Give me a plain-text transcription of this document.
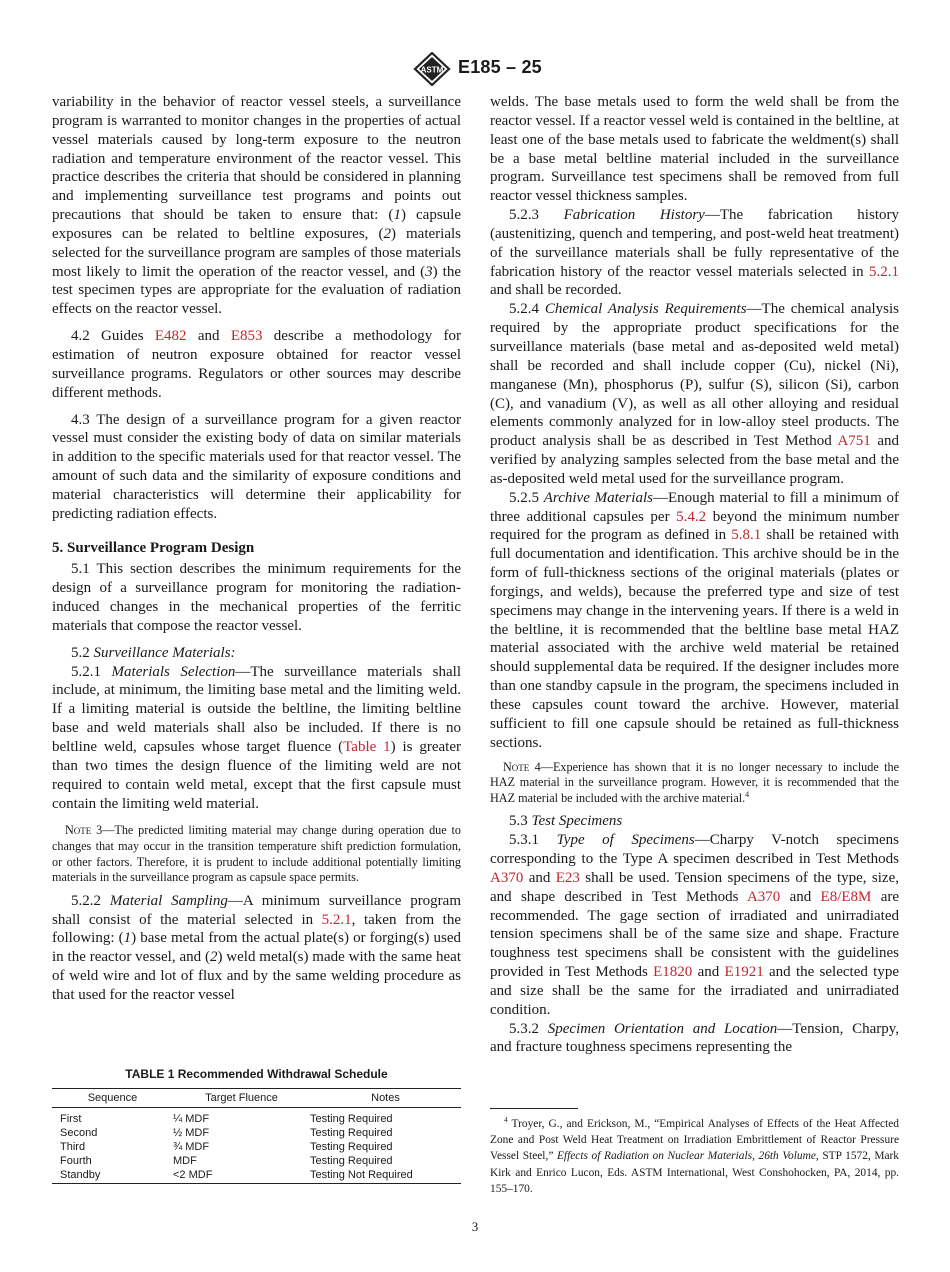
ASTM E185 – 25

variability in the behavior of reactor vessel steels, a surveillance program is warranted to monitor changes in the properties of actual vessel materials caused by long-term exposure to the neutron radiation and temperature environment of the reactor vessel. This practice describes the criteria that should be considered in planning and implementing surveillance test programs and points out precautions that should be taken to ensure that: (1) capsule exposures can be related to beltline exposures, (2) materials selected for the surveillance program are samples of those materials most likely to limit the operation of the reactor vessel, and (3) the test specimen types are appropriate for the evaluation of radiation effects on the reactor vessel.

4.2 Guides E482 and E853 describe a methodology for estimation of neutron exposure obtained for reactor vessel surveillance programs. Regulators or other sources may describe different methods.

4.3 The design of a surveillance program for a given reactor vessel must consider the existing body of data on similar materials in addition to the specific materials used for that reactor vessel. The amount of such data and the similarity of exposure conditions and material characteristics will determine their applicability for predicting radiation effects.

5. Surveillance Program Design

5.1 This section describes the minimum requirements for the design of a surveillance program for monitoring the radiation-induced changes in the mechanical properties of the ferritic materials that compose the reactor vessel.

5.2 Surveillance Materials:

5.2.1 Materials Selection—The surveillance materials shall include, at minimum, the limiting base metal and the limiting weld. If a limiting material is outside the beltline, the limiting beltline base and weld materials shall also be included. If there is no beltline weld, capsules whose target fluence (Table 1) is greater than two times the design fluence of the limiting weld are not required to contain weld metal, except that the first capsule must contain the limiting weld material.

Note 3—The predicted limiting material may change during operation due to changes that may occur in the transition temperature shift prediction formulation, or other factors. Therefore, it is prudent to include additional potentially limiting materials in the surveillance program as capsule space permits.

5.2.2 Material Sampling—A minimum surveillance program shall consist of the material selected in 5.2.1, taken from the following: (1) base metal from the actual plate(s) or forging(s) used in the reactor vessel, and (2) weld metal(s) made with the same heat of weld wire and lot of flux and by the same welding procedure as that used for the reactor vessel

TABLE 1 Recommended Withdrawal Schedule
Sequence	Target Fluence	Notes
First	¼ MDF	Testing Required
Second	½ MDF	Testing Required
Third	¾ MDF	Testing Required
Fourth	MDF	Testing Required
Standby	<2 MDF	Testing Not Required

welds. The base metals used to form the weld shall be from the reactor vessel. If a reactor vessel weld is contained in the beltline, at least one of the base metals used to fabricate the weldment(s) shall be a base metal beltline material included in the surveillance program. Surveillance test specimens shall be removed from full reactor vessel thickness samples.

5.2.3 Fabrication History—The fabrication history (austenitizing, quench and tempering, and post-weld heat treatment) of the surveillance materials shall be fully representative of the fabrication history of the reactor vessel materials selected in 5.2.1 and shall be recorded.

5.2.4 Chemical Analysis Requirements—The chemical analysis required by the appropriate product specifications for the surveillance materials (base metal and as-deposited weld metal) shall be recorded and shall include copper (Cu), nickel (Ni), manganese (Mn), phosphorus (P), sulfur (S), silicon (Si), carbon (C), and vanadium (V), as well as all other alloying and residual elements commonly analyzed for in low-alloy steel products. The product analysis shall be as described in Test Method A751 and verified by analyzing samples selected from the base metal and the as-deposited weld metal used for the surveillance program.

5.2.5 Archive Materials—Enough material to fill a minimum of three additional capsules per 5.4.2 beyond the minimum number required for the program as defined in 5.8.1 shall be retained with full documentation and identification. This archive should be in the form of full-thickness sections of the original materials (plates or forgings, and welds), because the preferred type and size of test specimens may change in the intervening years. If there is a weld in the beltline, it is recommended that the beltline base metal HAZ material associated with the archive weld material be retained should supplemental data be required. If the designer includes more than one standby capsule in the program, the specimens included in these capsules count toward the archive. However, material sufficient to fill one capsule should be retained as full-thickness sections.

Note 4—Experience has shown that it is no longer necessary to include the HAZ material in the surveillance program. However, it is recommended that the HAZ material be included with the archive material.$^4$

5.3 Test Specimens

5.3.1 Type of Specimens—Charpy V-notch specimens corresponding to the Type A specimen described in Test Methods A370 and E23 shall be used. Tension specimens of the type, size, and shape described in Test Methods A370 and E8/E8M are recommended. The gage section of irradiated and unirradiated tension specimens shall be of the same size and shape. Fracture toughness test specimens shall be consistent with the guidelines provided in Test Methods E1820 and E1921 and the selected type and size shall be the same for the irradiated and unirradiated condition.

5.3.2 Specimen Orientation and Location—Tension, Charpy, and fracture toughness specimens representing the

$^4$ Troyer, G., and Erickson, M., “Empirical Analyses of Effects of the Heat Affected Zone and Post Weld Heat Treatment on Irradiation Embrittlement of Reactor Pressure Vessel Steel,” Effects of Radiation on Nuclear Materials, 26th Volume, STP 1572, Mark Kirk and Enrico Lucon, Eds. ASTM International, West Conshohocken, PA, 2014, pp. 155–170.

3
